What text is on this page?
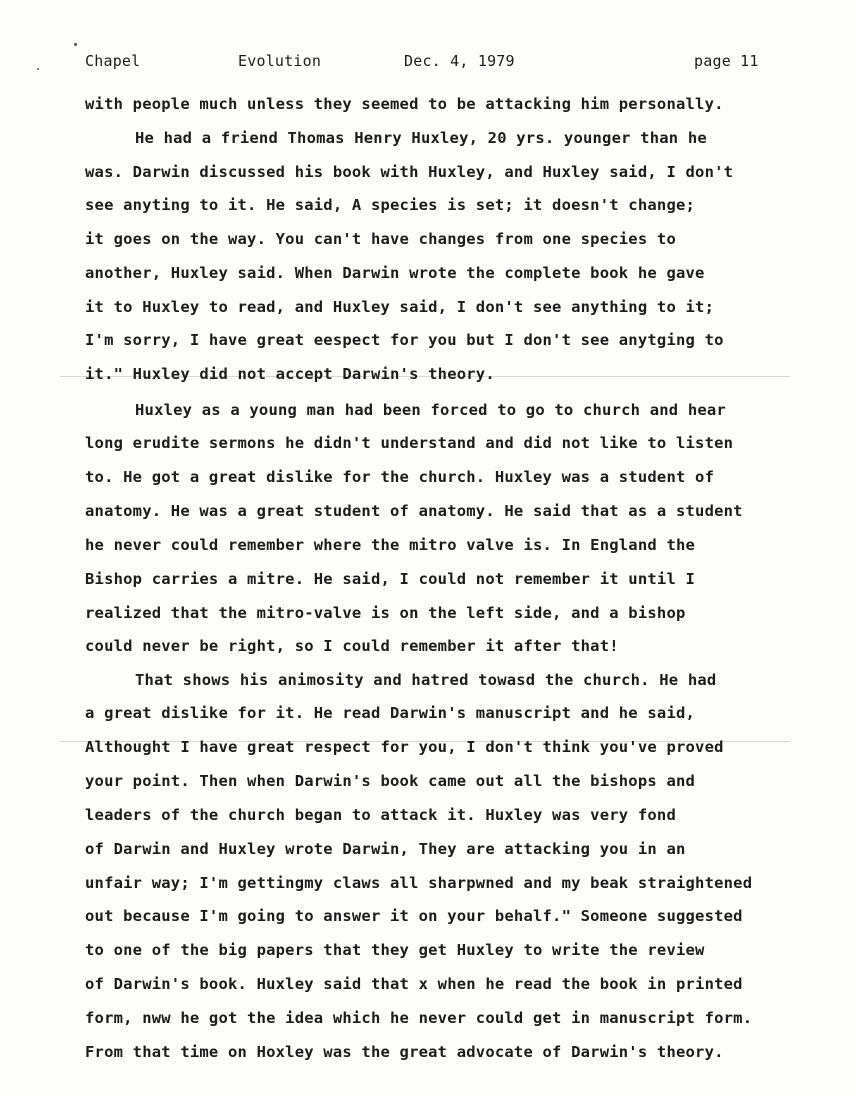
Chapel	Evolution	Dec. 4, 1979	page 11
with people much unless they seemed to be attacking him personally.
He had a friend Thomas Henry Huxley, 20 yrs. younger than he
was. Darwin discussed his book with Huxley, and Huxley said, I don't
see anyting to it. He said, A species is set; it doesn't change;
it goes on the way. You can't have changes from one species to
another, Huxley said. When Darwin wrote the complete book he gave
it to Huxley to read, and Huxley said, I don't see anything to it;
I'm sorry, I have great eespect for you but I don't see anytging to
it." Huxley did not accept Darwin's theory.
Huxley as a young man had been forced to go to church and hear
long erudite sermons he didn't understand and did not like to listen
to. He got a great dislike for the church. Huxley was a student of
anatomy. He was a great student of anatomy. He said that as a student
he never could remember where the mitro valve is. In England the
Bishop carries a mitre. He said, I could not remember it until I
realized that the mitro-valve is on the left side, and a bishop
could never be right, so I could remember it after that!
That shows his animosity and hatred towasd the church. He had
a great dislike for it. He read Darwin's manuscript and he said,
Althought I have great respect for you, I don't think you've proved
your point. Then when Darwin's book came out all the bishops and
leaders of the church began to attack it. Huxley was very fond
of Darwin and Huxley wrote Darwin, They are attacking you in an
unfair way; I'm gettingmy claws all sharpwned and my beak straightened
out because I'm going to answer it on your behalf." Someone suggested
to one of the big papers that they get Huxley to write the review
of Darwin's book. Huxley said that x when he read the book in printed
form, nww he got the idea which he never could get in manuscript form.
From that time on Hoxley was the great advocate of Darwin's theory.
